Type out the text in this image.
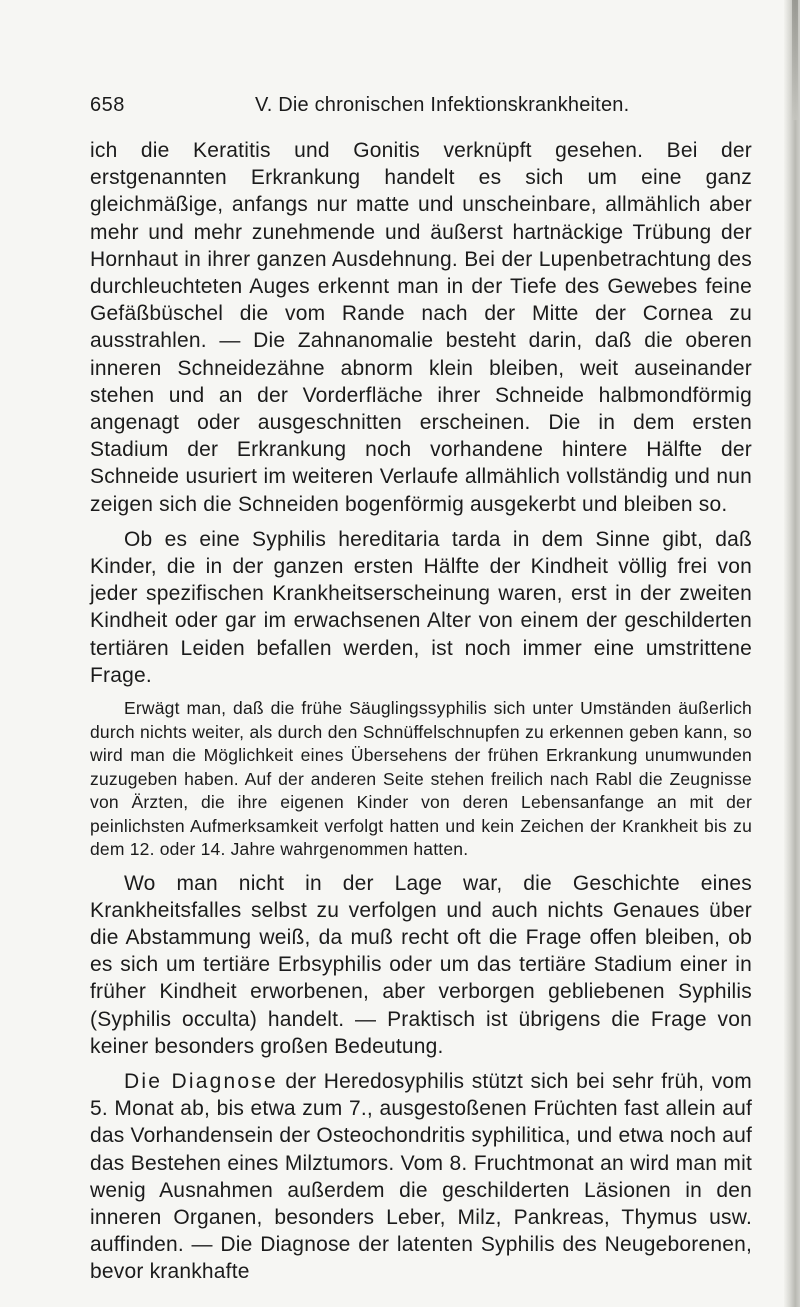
658	V. Die chronischen Infektionskrankheiten.

ich die Keratitis und Gonitis verknüpft gesehen. Bei der erstgenannten Erkrankung handelt es sich um eine ganz gleichmäßige, anfangs nur matte und unscheinbare, allmählich aber mehr und mehr zunehmende und äußerst hartnäckige Trübung der Hornhaut in ihrer ganzen Ausdehnung. Bei der Lupenbetrachtung des durchleuchteten Auges erkennt man in der Tiefe des Gewebes feine Gefäßbüschel die vom Rande nach der Mitte der Cornea zu ausstrahlen. — Die Zahnanomalie besteht darin, daß die oberen inneren Schneidezähne abnorm klein bleiben, weit auseinander stehen und an der Vorderfläche ihrer Schneide halbmondförmig angenagt oder ausgeschnitten erscheinen. Die in dem ersten Stadium der Erkrankung noch vorhandene hintere Hälfte der Schneide usuriert im weiteren Verlaufe allmählich vollständig und nun zeigen sich die Schneiden bogenförmig ausgekerbt und bleiben so.

Ob es eine Syphilis hereditaria tarda in dem Sinne gibt, daß Kinder, die in der ganzen ersten Hälfte der Kindheit völlig frei von jeder spezifischen Krankheitserscheinung waren, erst in der zweiten Kindheit oder gar im erwachsenen Alter von einem der geschilderten tertiären Leiden befallen werden, ist noch immer eine umstrittene Frage.

Erwägt man, daß die frühe Säuglingssyphilis sich unter Umständen äußerlich durch nichts weiter, als durch den Schnüffelschnupfen zu erkennen geben kann, so wird man die Möglichkeit eines Übersehens der frühen Erkrankung unumwunden zuzugeben haben. Auf der anderen Seite stehen freilich nach Rabl die Zeugnisse von Ärzten, die ihre eigenen Kinder von deren Lebensanfange an mit der peinlichsten Aufmerksamkeit verfolgt hatten und kein Zeichen der Krankheit bis zu dem 12. oder 14. Jahre wahrgenommen hatten.

Wo man nicht in der Lage war, die Geschichte eines Krankheitsfalles selbst zu verfolgen und auch nichts Genaues über die Abstammung weiß, da muß recht oft die Frage offen bleiben, ob es sich um tertiäre Erbsyphilis oder um das tertiäre Stadium einer in früher Kindheit erworbenen, aber verborgen gebliebenen Syphilis (Syphilis occulta) handelt. — Praktisch ist übrigens die Frage von keiner besonders großen Bedeutung.

Die Diagnose der Heredosyphilis stützt sich bei sehr früh, vom 5. Monat ab, bis etwa zum 7., ausgestoßenen Früchten fast allein auf das Vorhandensein der Osteochondritis syphilitica, und etwa noch auf das Bestehen eines Milztumors. Vom 8. Fruchtmonat an wird man mit wenig Ausnahmen außerdem die geschilderten Läsionen in den inneren Organen, besonders Leber, Milz, Pankreas, Thymus usw. auffinden. — Die Diagnose der latenten Syphilis des Neugeborenen, bevor krankhafte
